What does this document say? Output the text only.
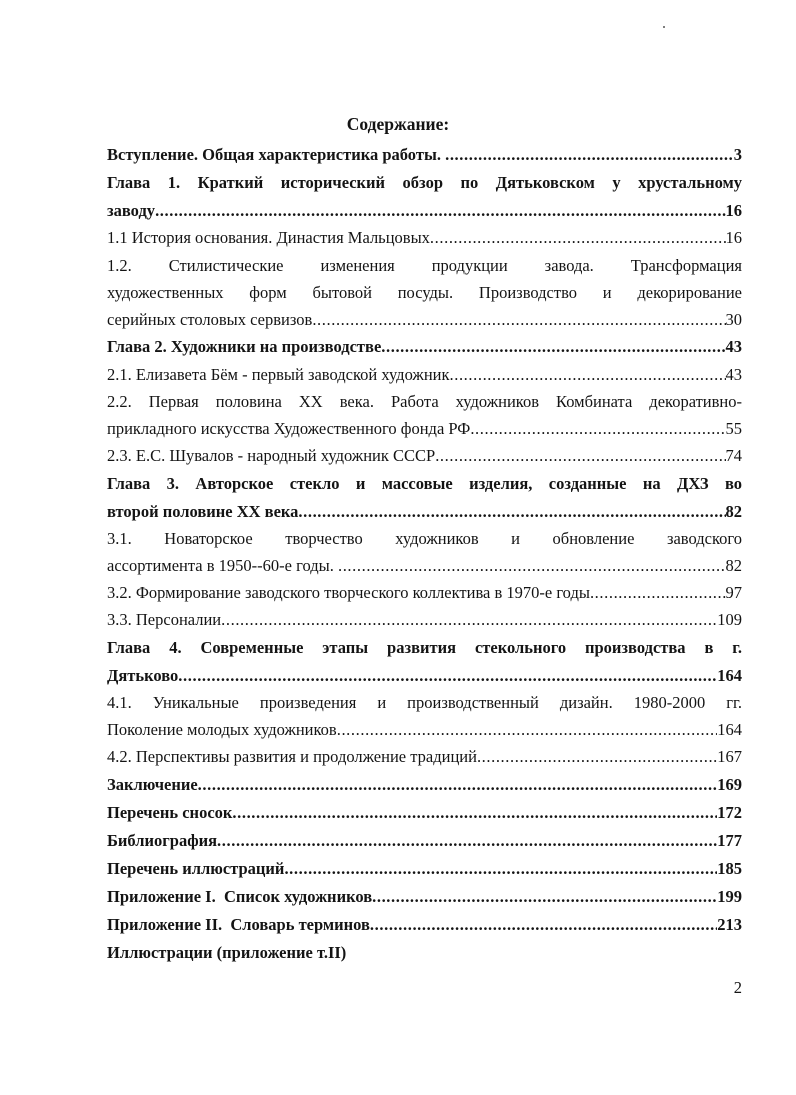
Содержание:
Вступление. Общая характеристика работы. .....	3
Глава 1. Краткий исторический обзор по Дятьковском у хрустальному
заводу .....	16
1.1 История основания. Династия Мальцовых .....	16
1.2. Стилистические изменения продукции завода. Трансформация
художественных форм бытовой посуды. Производство и декорирование
серийных столовых сервизов .....	30
Глава 2. Художники на производстве .....	43
2.1. Елизавета Бём - первый заводской художник .....	43
2.2. Первая половина XX века. Работа художников Комбината декоративно-
прикладного искусства Художественного фонда РФ .....	55
2.3. Е.С. Шувалов - народный художник СССР .....	74
Глава 3. Авторское стекло и массовые изделия, созданные на ДХЗ во
второй половине XX века .....	82
3.1. Новаторское творчество художников и обновление заводского
ассортимента в 1950--60-е годы. .....	82
3.2. Формирование заводского творческого коллектива в 1970-е годы .....	97
3.3. Персоналии .....	109
Глава 4. Современные этапы развития стекольного производства в г.
Дятьково .....	164
4.1. Уникальные произведения и производственный дизайн. 1980-2000 гг.
Поколение молодых художников .....	164
4.2. Перспективы развития и продолжение традиций .....	167
Заключение .....	169
Перечень сносок .....	172
Библиография .....	177
Перечень иллюстраций .....	185
Приложение I.  Список художников .....	199
Приложение II.  Словарь терминов .....	213
Иллюстрации (приложение т.II)
2
